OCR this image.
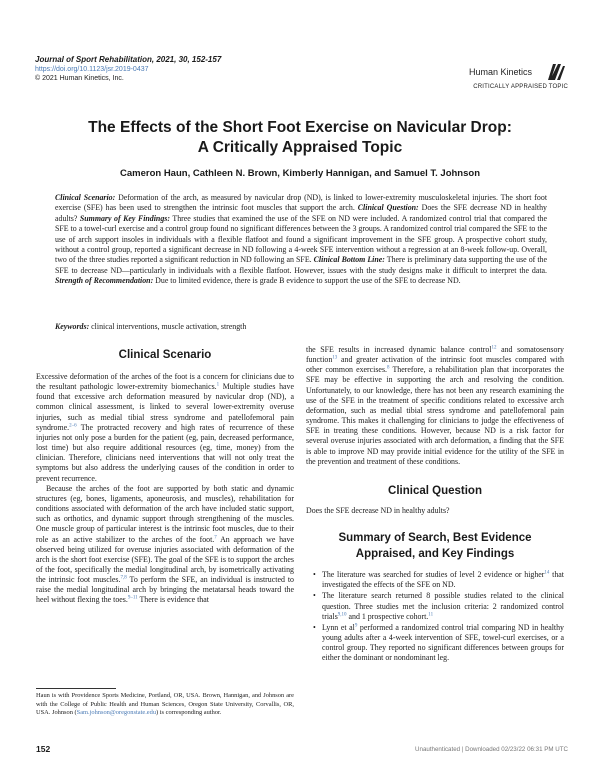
Journal of Sport Rehabilitation, 2021, 30, 152-157
https://doi.org/10.1123/jsr.2019-0437
© 2021 Human Kinetics, Inc.
Human Kinetics
CRITICALLY APPRAISED TOPIC
The Effects of the Short Foot Exercise on Navicular Drop:
A Critically Appraised Topic

Cameron Haun, Cathleen N. Brown, Kimberly Hannigan, and Samuel T. Johnson

Clinical Scenario: Deformation of the arch, as measured by navicular drop (ND), is linked to lower-extremity musculoskeletal injuries. The short foot exercise (SFE) has been used to strengthen the intrinsic foot muscles that support the arch. Clinical Question: Does the SFE decrease ND in healthy adults? Summary of Key Findings: Three studies that examined the use of the SFE on ND were included. A randomized control trial that compared the SFE to a towel-curl exercise and a control group found no significant differences between the 3 groups. A randomized control trial compared the SFE to the use of arch support insoles in individuals with a flexible flatfoot and found a significant improvement in the SFE group. A prospective cohort study, without a control group, reported a significant decrease in ND following a 4-week SFE intervention without a regression at an 8-week follow-up. Overall, two of the three studies reported a significant reduction in ND following an SFE. Clinical Bottom Line: There is preliminary data supporting the use of the SFE to decrease ND—particularly in individuals with a flexible flatfoot. However, issues with the study designs make it difficult to interpret the data. Strength of Recommendation: Due to limited evidence, there is grade B evidence to support the use of the SFE to decrease ND.

Keywords: clinical interventions, muscle activation, strength

Clinical Scenario

Excessive deformation of the arches of the foot is a concern for clinicians due to the resultant pathologic lower-extremity biomechanics.$^1$ Multiple studies have found that excessive arch deformation measured by navicular drop (ND), a common clinical assessment, is linked to several lower-extremity overuse injuries, such as medial tibial stress syndrome and patellofemoral pain syndrome.$^{2-6}$ The protracted recovery and high rates of recurrence of these injuries not only pose a burden for the patient (eg, pain, decreased performance, lost time) but also require additional resources (eg, time, money) from the clinician. Therefore, clinicians need interventions that will not only treat the symptoms but also address the underlying causes of the condition in order to prevent recurrence.

Because the arches of the foot are supported by both static and dynamic structures (eg, bones, ligaments, aponeurosis, and muscles), rehabilitation for conditions associated with deformation of the arch have included static support, such as orthotics, and dynamic support through strengthening of the muscles. One muscle group of particular interest is the intrinsic foot muscles, due to their role as an active stabilizer to the arches of the foot.$^7$ An approach we have observed being utilized for overuse injuries associated with deformation of the arch is the short foot exercise (SFE). The goal of the SFE is to support the arches of the foot, specifically the medial longitudinal arch, by isometrically activating the intrinsic foot muscles.$^{7,8}$ To perform the SFE, an individual is instructed to raise the medial longitudinal arch by bringing the metatarsal heads toward the heel without flexing the toes.$^{9-11}$ There is evidence that

the SFE results in increased dynamic balance control$^{12}$ and somatosensory function$^{13}$ and greater activation of the intrinsic foot muscles compared with other common exercises.$^8$ Therefore, a rehabilitation plan that incorporates the SFE may be effective in supporting the arch and resolving the condition. Unfortunately, to our knowledge, there has not been any research examining the use of the SFE in the treatment of specific conditions related to excessive arch deformation, such as medial tibial stress syndrome and patellofemoral pain syndrome. This makes it challenging for clinicians to judge the effectiveness of SFE in treating these conditions. However, because ND is a risk factor for several overuse injuries associated with arch deformation, a finding that the SFE is able to improve ND may provide initial evidence for the utility of the SFE in the prevention and treatment of these conditions.

Clinical Question

Does the SFE decrease ND in healthy adults?

Summary of Search, Best Evidence
Appraised, and Key Findings
• The literature was searched for studies of level 2 evidence or higher$^{14}$ that investigated the effects of the SFE on ND.
• The literature search returned 8 possible studies related to the clinical question. Three studies met the inclusion criteria: 2 randomized control trials$^{9,10}$ and 1 prospective cohort.$^{11}$
• Lynn et al$^9$ performed a randomized control trial comparing ND in healthy young adults after a 4-week intervention of SFE, towel-curl exercises, or a control group. They reported no significant differences between groups for either the dominant or nondominant leg.

Haun is with Providence Sports Medicine, Portland, OR, USA. Brown, Hannigan, and Johnson are with the College of Public Health and Human Sciences, Oregon State University, Corvallis, OR, USA. Johnson (Sam.johnson@oregonstate.edu) is corresponding author.

152	Unauthenticated | Downloaded 02/23/22 06:31 PM UTC
